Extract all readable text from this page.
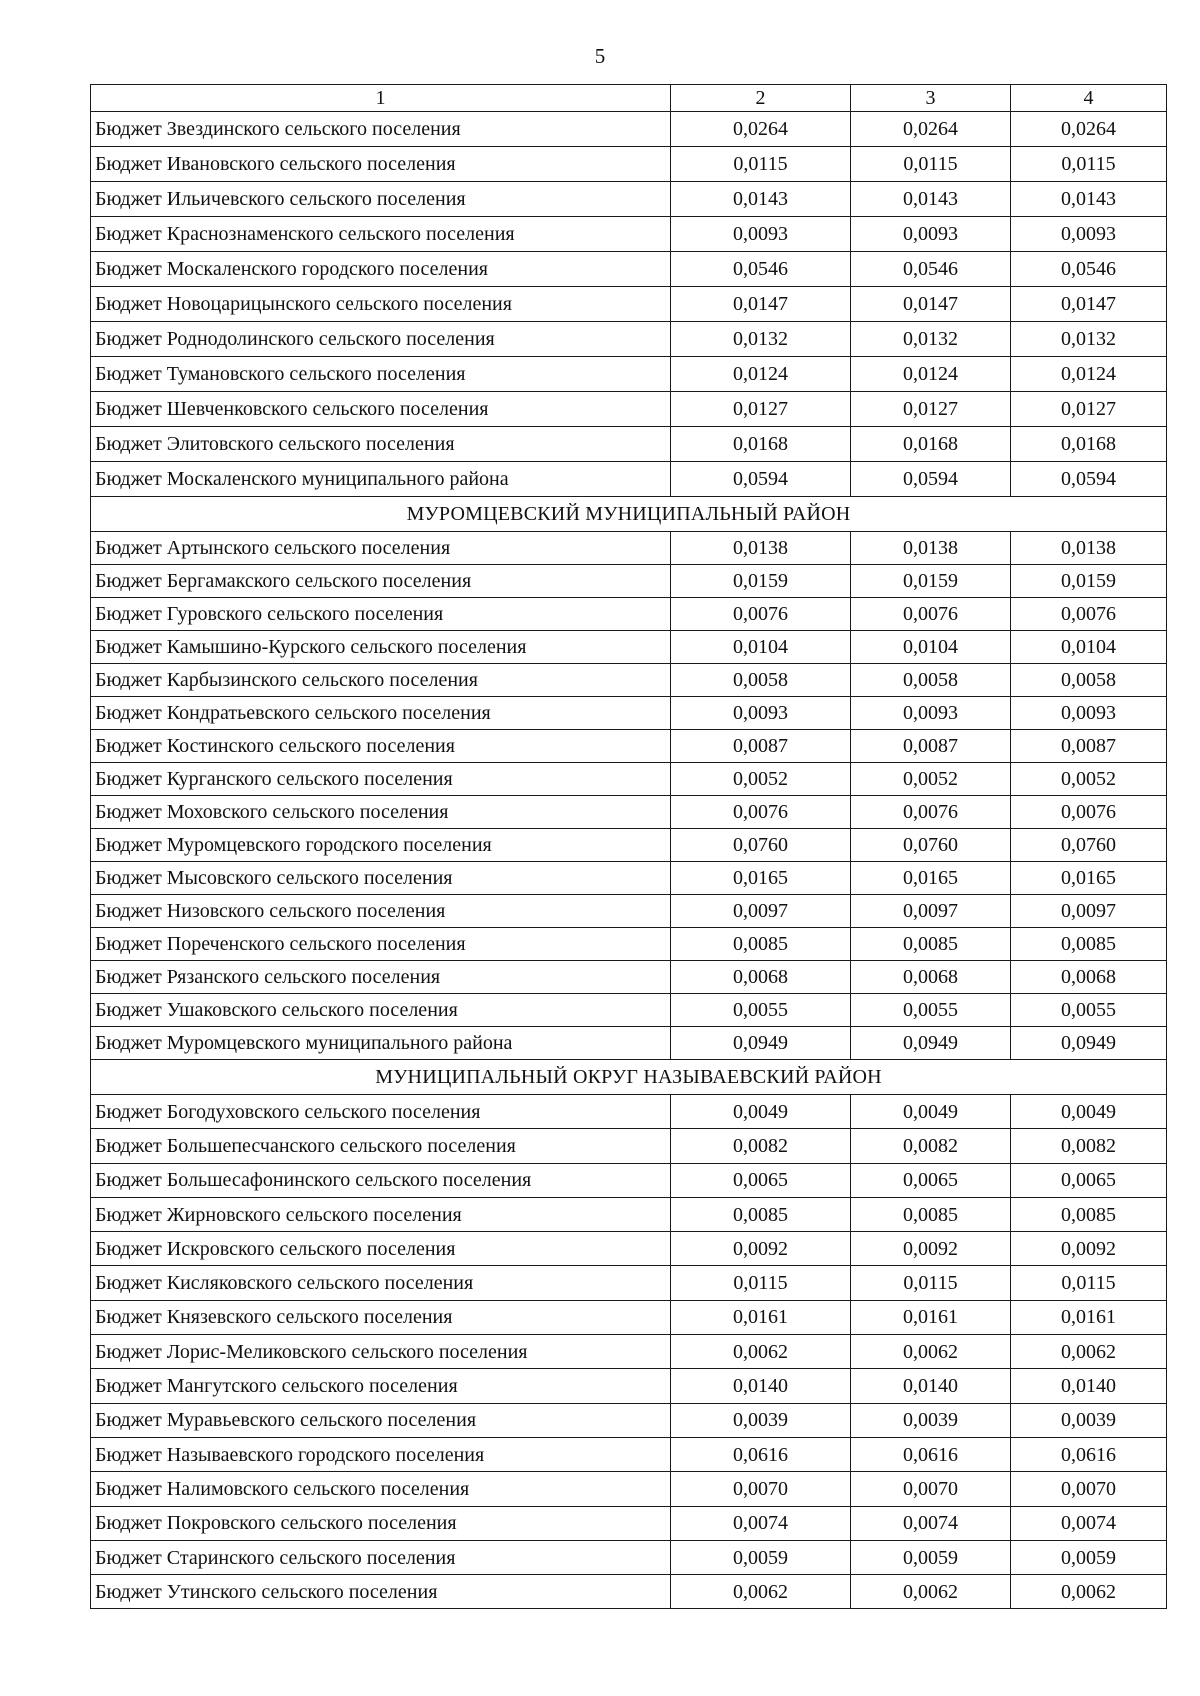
5
1	2	3	4
Бюджет Звездинского сельского поселения	0,0264	0,0264	0,0264
Бюджет Ивановского сельского поселения	0,0115	0,0115	0,0115
Бюджет Ильичевского сельского поселения	0,0143	0,0143	0,0143
Бюджет Краснознаменского сельского поселения	0,0093	0,0093	0,0093
Бюджет Москаленского городского поселения	0,0546	0,0546	0,0546
Бюджет Новоцарицынского сельского поселения	0,0147	0,0147	0,0147
Бюджет Роднодолинского сельского поселения	0,0132	0,0132	0,0132
Бюджет Тумановского сельского поселения	0,0124	0,0124	0,0124
Бюджет Шевченковского сельского поселения	0,0127	0,0127	0,0127
Бюджет Элитовского сельского поселения	0,0168	0,0168	0,0168
Бюджет Москаленского муниципального района	0,0594	0,0594	0,0594
МУРОМЦЕВСКИЙ МУНИЦИПАЛЬНЫЙ РАЙОН			
Бюджет Артынского сельского поселения	0,0138	0,0138	0,0138
Бюджет Бергамакского сельского поселения	0,0159	0,0159	0,0159
Бюджет Гуровского сельского поселения	0,0076	0,0076	0,0076
Бюджет Камышино-Курского сельского поселения	0,0104	0,0104	0,0104
Бюджет Карбызинского сельского поселения	0,0058	0,0058	0,0058
Бюджет Кондратьевского сельского поселения	0,0093	0,0093	0,0093
Бюджет Костинского сельского поселения	0,0087	0,0087	0,0087
Бюджет Курганского сельского поселения	0,0052	0,0052	0,0052
Бюджет Моховского сельского поселения	0,0076	0,0076	0,0076
Бюджет Муромцевского городского поселения	0,0760	0,0760	0,0760
Бюджет Мысовского сельского поселения	0,0165	0,0165	0,0165
Бюджет Низовского сельского поселения	0,0097	0,0097	0,0097
Бюджет Пореченского сельского поселения	0,0085	0,0085	0,0085
Бюджет Рязанского сельского поселения	0,0068	0,0068	0,0068
Бюджет Ушаковского сельского поселения	0,0055	0,0055	0,0055
Бюджет Муромцевского муниципального района	0,0949	0,0949	0,0949
МУНИЦИПАЛЬНЫЙ ОКРУГ НАЗЫВАЕВСКИЙ РАЙОН			
Бюджет Богодуховского сельского поселения	0,0049	0,0049	0,0049
Бюджет Большепесчанского сельского поселения	0,0082	0,0082	0,0082
Бюджет Большесафонинского сельского поселения	0,0065	0,0065	0,0065
Бюджет Жирновского сельского поселения	0,0085	0,0085	0,0085
Бюджет Искровского сельского поселения	0,0092	0,0092	0,0092
Бюджет Кисляковского сельского поселения	0,0115	0,0115	0,0115
Бюджет Князевского сельского поселения	0,0161	0,0161	0,0161
Бюджет Лорис-Меликовского сельского поселения	0,0062	0,0062	0,0062
Бюджет Мангутского сельского поселения	0,0140	0,0140	0,0140
Бюджет Муравьевского сельского поселения	0,0039	0,0039	0,0039
Бюджет Называевского городского поселения	0,0616	0,0616	0,0616
Бюджет Налимовского сельского поселения	0,0070	0,0070	0,0070
Бюджет Покровского сельского поселения	0,0074	0,0074	0,0074
Бюджет Старинского сельского поселения	0,0059	0,0059	0,0059
Бюджет Утинского сельского поселения	0,0062	0,0062	0,0062
